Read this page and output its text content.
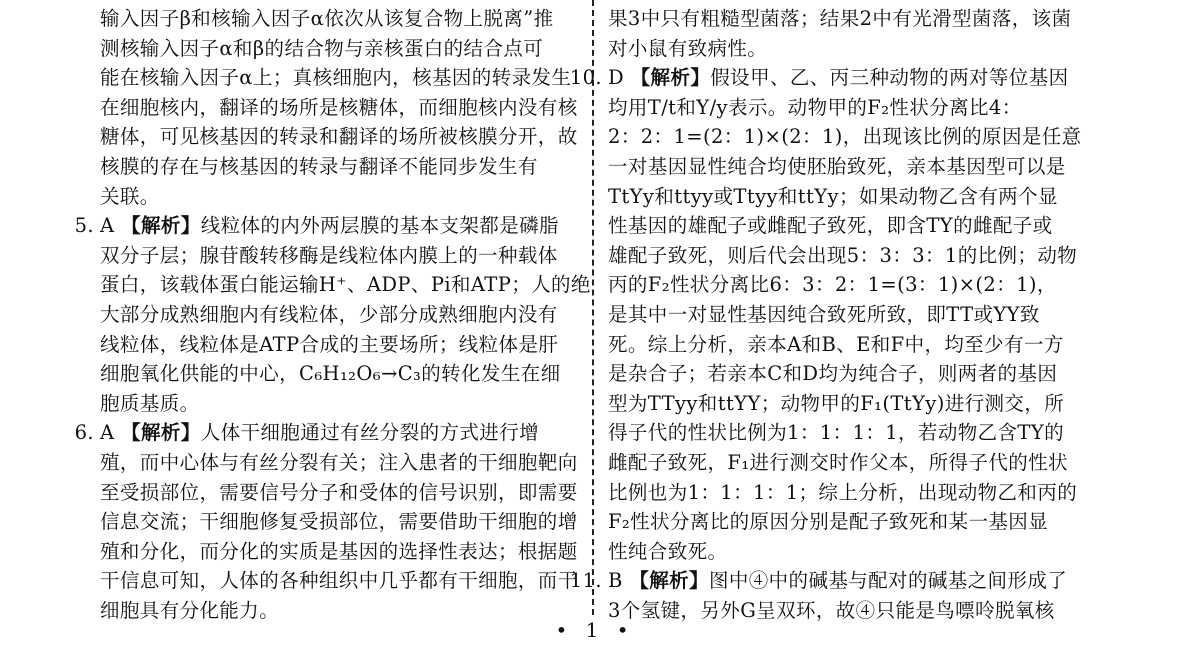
输入因子β和核输入因子α依次从该复合物上脱离”推
测核输入因子α和β的结合物与亲核蛋白的结合点可
能在核输入因子α上；真核细胞内，核基因的转录发生
在细胞核内，翻译的场所是核糖体，而细胞核内没有核
糖体，可见核基因的转录和翻译的场所被核膜分开，故
核膜的存在与核基因的转录与翻译不能同步发生有
关联。
5. A 【解析】线粒体的内外两层膜的基本支架都是磷脂
双分子层；腺苷酸转移酶是线粒体内膜上的一种载体
蛋白，该载体蛋白能运输H⁺、ADP、Pi和ATP；人的绝
大部分成熟细胞内有线粒体，少部分成熟细胞内没有
线粒体，线粒体是ATP合成的主要场所；线粒体是肝
细胞氧化供能的中心，C₆H₁₂O₆→C₃的转化发生在细
胞质基质。
6. A 【解析】人体干细胞通过有丝分裂的方式进行增
殖，而中心体与有丝分裂有关；注入患者的干细胞靶向
至受损部位，需要信号分子和受体的信号识别，即需要
信息交流；干细胞修复受损部位，需要借助干细胞的增
殖和分化，而分化的实质是基因的选择性表达；根据题
干信息可知，人体的各种组织中几乎都有干细胞，而干
细胞具有分化能力。
果3中只有粗糙型菌落；结果2中有光滑型菌落，该菌
对小鼠有致病性。
10. D 【解析】假设甲、乙、丙三种动物的两对等位基因
均用T/t和Y/y表示。动物甲的F₂性状分离比4：
2：2：1=(2：1)×(2：1)，出现该比例的原因是任意
一对基因显性纯合均使胚胎致死，亲本基因型可以是
TtYy和ttyy或Ttyy和ttYy；如果动物乙含有两个显
性基因的雄配子或雌配子致死，即含TY的雌配子或
雄配子致死，则后代会出现5：3：3：1的比例；动物
丙的F₂性状分离比6：3：2：1=(3：1)×(2：1)，
是其中一对显性基因纯合致死所致，即TT或YY致
死。综上分析，亲本A和B、E和F中，均至少有一方
是杂合子；若亲本C和D均为纯合子，则两者的基因
型为TTyy和ttYY；动物甲的F₁(TtYy)进行测交，所
得子代的性状比例为1：1：1：1，若动物乙含TY的
雌配子致死，F₁进行测交时作父本，所得子代的性状
比例也为1：1：1：1；综上分析，出现动物乙和丙的
F₂性状分离比的原因分别是配子致死和某一基因显
性纯合致死。
11. B 【解析】图中④中的碱基与配对的碱基之间形成了
3个氢键，另外G呈双环，故④只能是鸟嘌呤脱氧核
• 1 •
